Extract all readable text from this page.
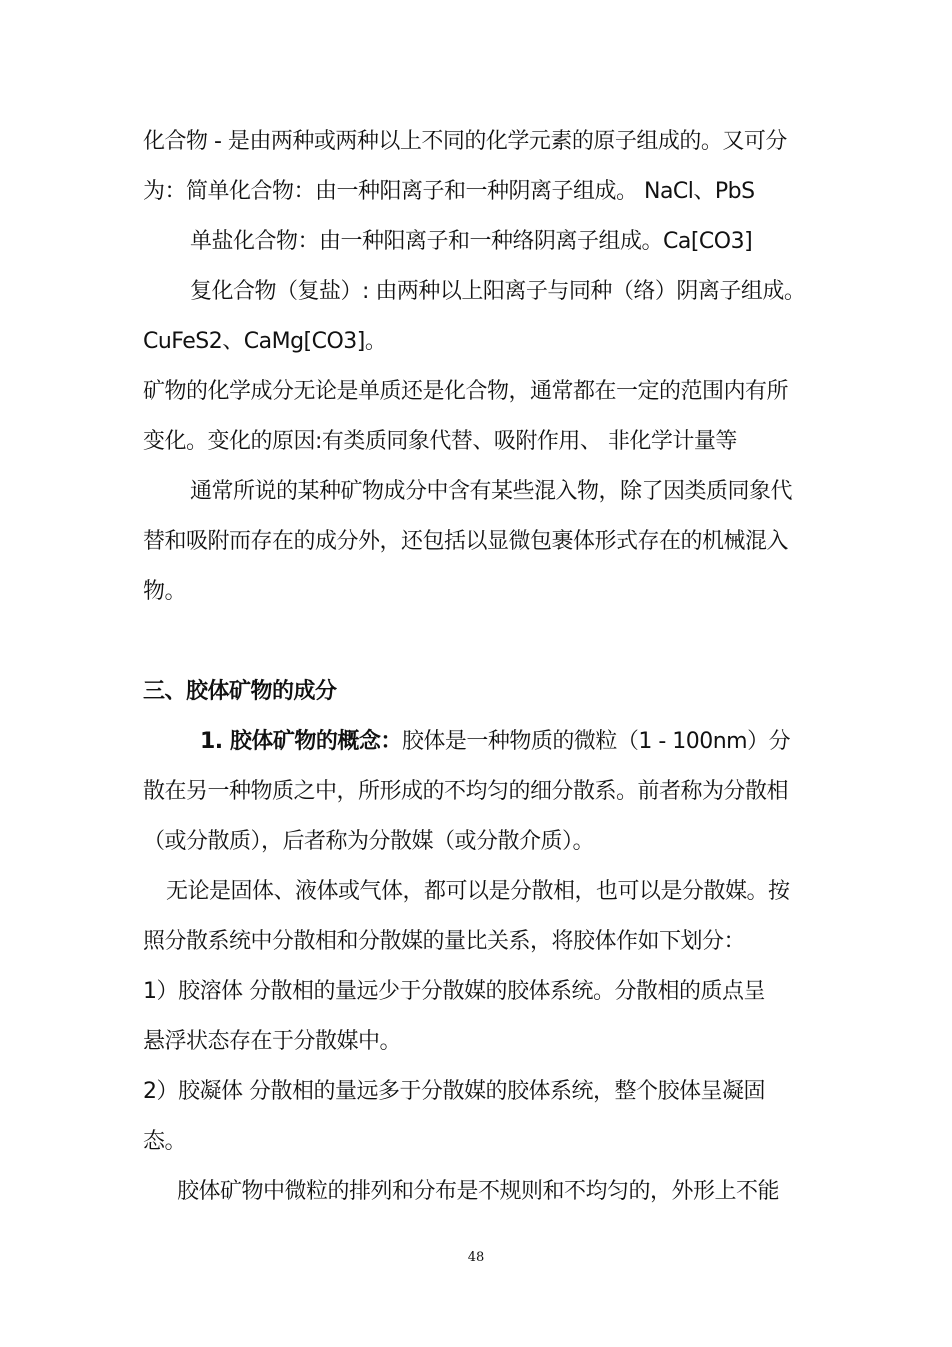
化合物 - 是由两种或两种以上不同的化学元素的原子组成的。又可分
为：简单化合物：由一种阳离子和一种阴离子组成。 NaCl、PbS
单盐化合物：由一种阳离子和一种络阴离子组成。Ca[CO3]
复化合物（复盐）: 由两种以上阳离子与同种（络）阴离子组成。
CuFeS2、CaMg[CO3]。
矿物的化学成分无论是单质还是化合物，通常都在一定的范围内有所
变化。变化的原因:有类质同象代替、吸附作用、 非化学计量等
通常所说的某种矿物成分中含有某些混入物，除了因类质同象代
替和吸附而存在的成分外，还包括以显微包裹体形式存在的机械混入
物。
三、胶体矿物的成分
1. 胶体矿物的概念：胶体是一种物质的微粒（1 - 100nm）分
散在另一种物质之中，所形成的不均匀的细分散系。前者称为分散相
（或分散质），后者称为分散媒（或分散介质）。
无论是固体、液体或气体，都可以是分散相，也可以是分散媒。按
照分散系统中分散相和分散媒的量比关系，将胶体作如下划分：
1）胶溶体 分散相的量远少于分散媒的胶体系统。分散相的质点呈
悬浮状态存在于分散媒中。
2）胶凝体 分散相的量远多于分散媒的胶体系统，整个胶体呈凝固
态。
胶体矿物中微粒的排列和分布是不规则和不均匀的，外形上不能
48
